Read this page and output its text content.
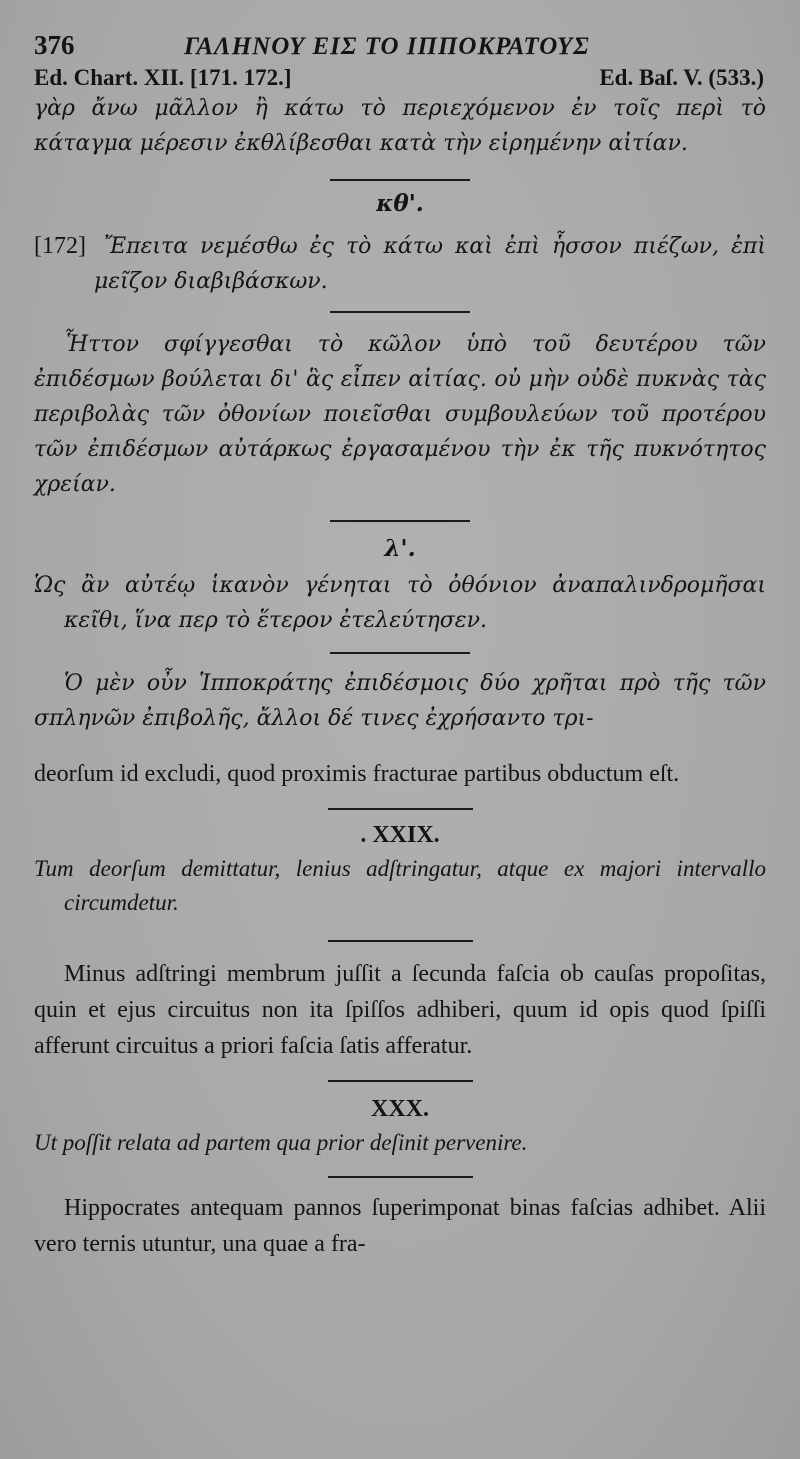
376	ΓΑΛΗΝΟΥ ΕΙΣ ΤΟ ΙΠΠΟΚΡΑΤΟΥΣ
Ed. Chart. XII. [171. 172.]	Ed. Baſ. V. (533.)

γὰρ ἄνω μᾶλλον ἢ κάτω τὸ περιεχόμενον ἐν τοῖς περὶ τὸ κάταγμα μέρεσιν ἐκθλίβεσθαι κατὰ τὴν εἰρημένην αἰτίαν.

κθ'.

[172] Ἔπειτα νεμέσθω ἐς τὸ κάτω καὶ ἐπὶ ἧσσον πιέζων, ἐπὶ μεῖζον διαβιβάσκων.

Ἧττον σφίγγεσθαι τὸ κῶλον ὑπὸ τοῦ δευτέρου τῶν ἐπιδέσμων βούλεται δι' ἃς εἶπεν αἰτίας. οὐ μὴν οὐδὲ πυκνὰς τὰς περιβολὰς τῶν ὀθονίων ποιεῖσθαι συμβουλεύων τοῦ προτέρου τῶν ἐπιδέσμων αὐτάρκως ἐργασαμένου τὴν ἐκ τῆς πυκνότητος χρείαν.

λ'.

Ὡς ἂν αὐτέῳ ἱκανὸν γένηται τὸ ὀθόνιον ἀναπαλινδρομῆσαι κεῖθι, ἵνα περ τὸ ἕτερον ἐτελεύτησεν.

Ὁ μὲν οὖν Ἱπποκράτης ἐπιδέσμοις δύο χρῆται πρὸ τῆς τῶν σπληνῶν ἐπιβολῆς, ἄλλοι δέ τινες ἐχρήσαντο τρι-

deorſum id excludi, quod proximis fracturae partibus obductum eſt.

. XXIX.

Tum deorſum demittatur, lenius adſtringatur, atque ex majori intervallo circumdetur.

Minus adſtringi membrum juſſit a ſecunda faſcia ob cauſas propoſitas, quin et ejus circuitus non ita ſpiſſos adhiberi, quum id opis quod ſpiſſi afferunt circuitus a priori faſcia ſatis afferatur.

XXX.

Ut poſſit relata ad partem qua prior deſinit pervenire.

Hippocrates antequam pannos ſuperimponat binas faſcias adhibet. Alii vero ternis utuntur, una quae a fra-
